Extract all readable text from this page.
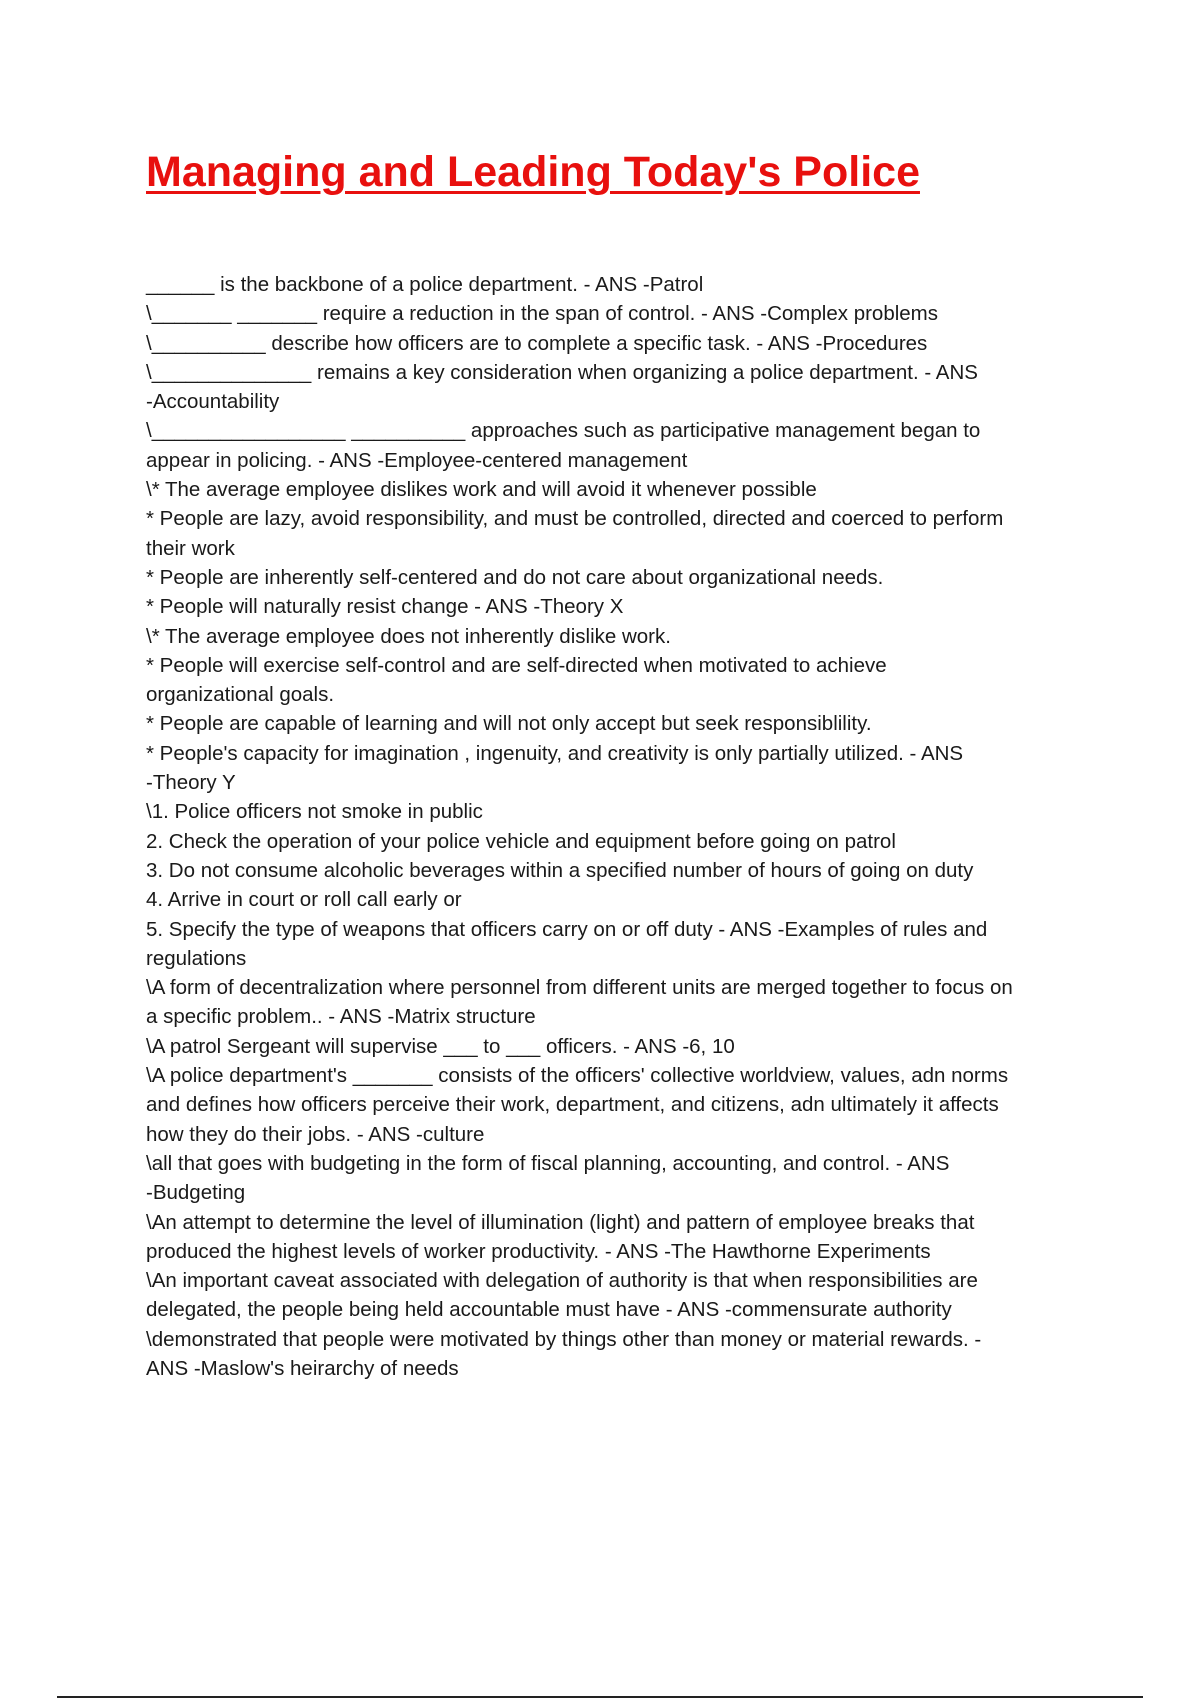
Managing and Leading Today's Police
______ is the backbone of a police department. - ANS -Patrol
\_______ _______ require a reduction in the span of control. - ANS -Complex problems
\__________ describe how officers are to complete a specific task. - ANS -Procedures
\______________ remains a key consideration when organizing a police department. - ANS
-Accountability
\_________________ __________ approaches such as participative management began to
appear in policing. - ANS -Employee-centered management
\* The average employee dislikes work and will avoid it whenever possible
* People are lazy, avoid responsibility, and must be controlled, directed and coerced to perform
their work
* People are inherently self-centered and do not care about organizational needs.
* People will naturally resist change - ANS -Theory X
\* The average employee does not inherently dislike work.
* People will exercise self-control and are self-directed when motivated to achieve
organizational goals.
* People are capable of learning and will not only accept but seek responsiblility.
* People's capacity for imagination , ingenuity, and creativity is only partially utilized. - ANS
-Theory Y
\1. Police officers not smoke in public
2. Check the operation of your police vehicle and equipment before going on patrol
3. Do not consume alcoholic beverages within a specified number of hours of going on duty
4. Arrive in court or roll call early or
5. Specify the type of weapons that officers carry on or off duty - ANS -Examples of rules and
regulations
\A form of decentralization where personnel from different units are merged together to focus on
a specific problem.. - ANS -Matrix structure
\A patrol Sergeant will supervise ___ to ___ officers. - ANS -6, 10
\A police department's _______ consists of the officers' collective worldview, values, adn norms
and defines how officers perceive their work, department, and citizens, adn ultimately it affects
how they do their jobs. - ANS -culture
\all that goes with budgeting in the form of fiscal planning, accounting, and control. - ANS
-Budgeting
\An attempt to determine the level of illumination (light) and pattern of employee breaks that
produced the highest levels of worker productivity. - ANS -The Hawthorne Experiments
\An important caveat associated with delegation of authority is that when responsibilities are
delegated, the people being held accountable must have - ANS -commensurate authority
\demonstrated that people were motivated by things other than money or material rewards. -
ANS -Maslow's heirarchy of needs
